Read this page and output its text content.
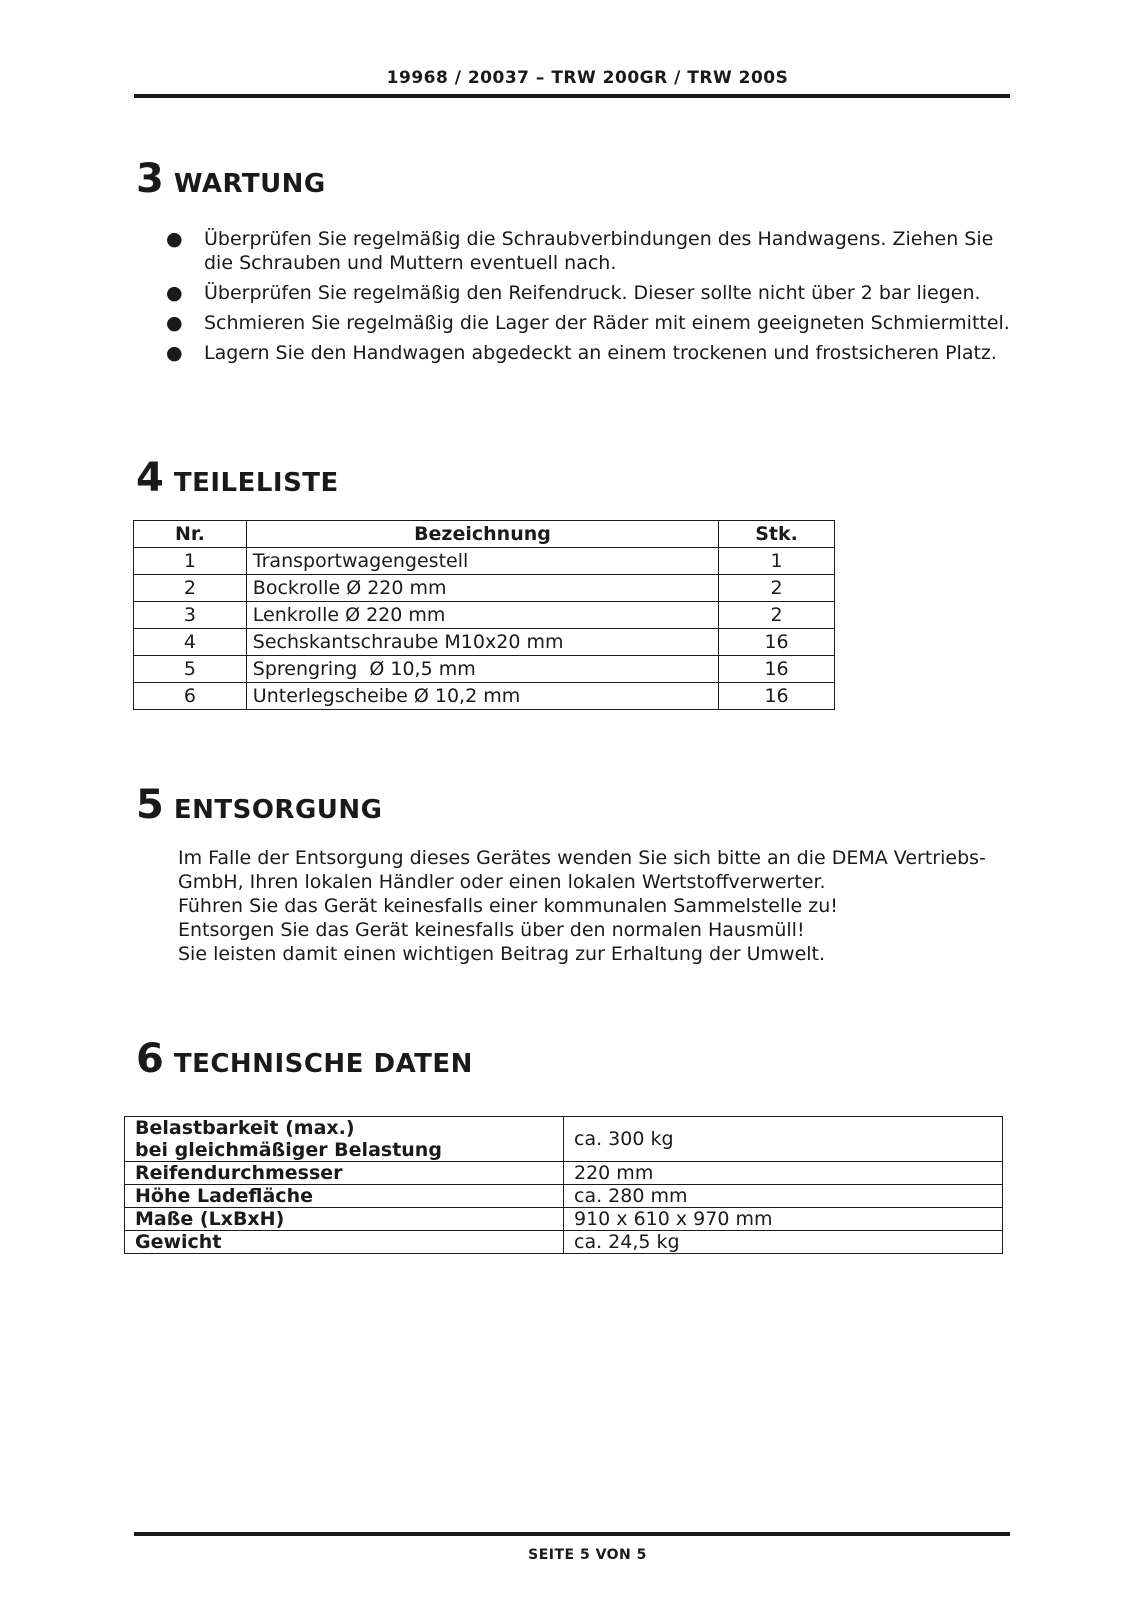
19968 / 20037 – TRW 200GR / TRW 200S
3 WARTUNG
● Überprüfen Sie regelmäßig die Schraubverbindungen des Handwagens. Ziehen Sie die Schrauben und Muttern eventuell nach.
● Überprüfen Sie regelmäßig den Reifendruck. Dieser sollte nicht über 2 bar liegen.
● Schmieren Sie regelmäßig die Lager der Räder mit einem geeigneten Schmiermittel.
● Lagern Sie den Handwagen abgedeckt an einem trockenen und frostsicheren Platz.
4 TEILELISTE
Nr.	Bezeichnung	Stk.
1	Transportwagengestell	1
2	Bockrolle Ø 220 mm	2
3	Lenkrolle Ø 220 mm	2
4	Sechskantschraube M10x20 mm	16
5	Sprengring  Ø 10,5 mm	16
6	Unterlegscheibe Ø 10,2 mm	16
5 ENTSORGUNG
Im Falle der Entsorgung dieses Gerätes wenden Sie sich bitte an die DEMA Vertriebs-
GmbH, Ihren lokalen Händler oder einen lokalen Wertstoffverwerter.
Führen Sie das Gerät keinesfalls einer kommunalen Sammelstelle zu!
Entsorgen Sie das Gerät keinesfalls über den normalen Hausmüll!
Sie leisten damit einen wichtigen Beitrag zur Erhaltung der Umwelt.
6 TECHNISCHE DATEN
Belastbarkeit (max.)
bei gleichmäßiger Belastung	ca. 300 kg
Reifendurchmesser	220 mm
Höhe Ladefläche	ca. 280 mm
Maße (LxBxH)	910 x 610 x 970 mm
Gewicht	ca. 24,5 kg
SEITE 5 VON 5
